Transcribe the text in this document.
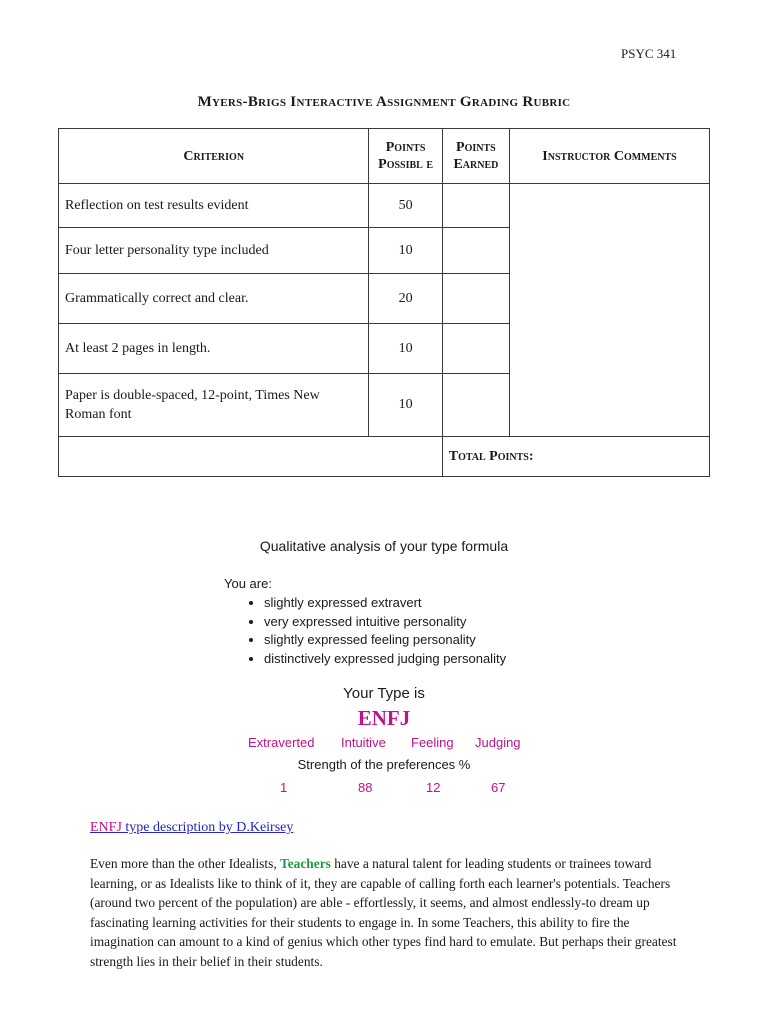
PSYC 341
Myers-Brigs Interactive Assignment Grading Rubric
Criterion	Points Possibl e	Points Earned	Instructor Comments
Reflection on test results evident	50		
Four letter personality type included	10		
Grammatically correct and clear.	20		
At least 2 pages in length.	10		
Paper is double-spaced, 12-point, Times New Roman font	10		
		Total Points:	
Qualitative analysis of your type formula
You are:
• slightly expressed extravert
• very expressed intuitive personality
• slightly expressed feeling personality
• distinctively expressed judging personality
Your Type is
ENFJ
Extraverted Intuitive Feeling Judging
Strength of the preferences %
1	88	12	67
ENFJ type description by D.Keirsey

Even more than the other Idealists, Teachers have a natural talent for leading students or trainees toward learning, or as Idealists like to think of it, they are capable of calling forth each learner's potentials. Teachers (around two percent of the population) are able - effortlessly, it seems, and almost endlessly-to dream up fascinating learning activities for their students to engage in. In some Teachers, this ability to fire the imagination can amount to a kind of genius which other types find hard to emulate. But perhaps their greatest strength lies in their belief in their students.
